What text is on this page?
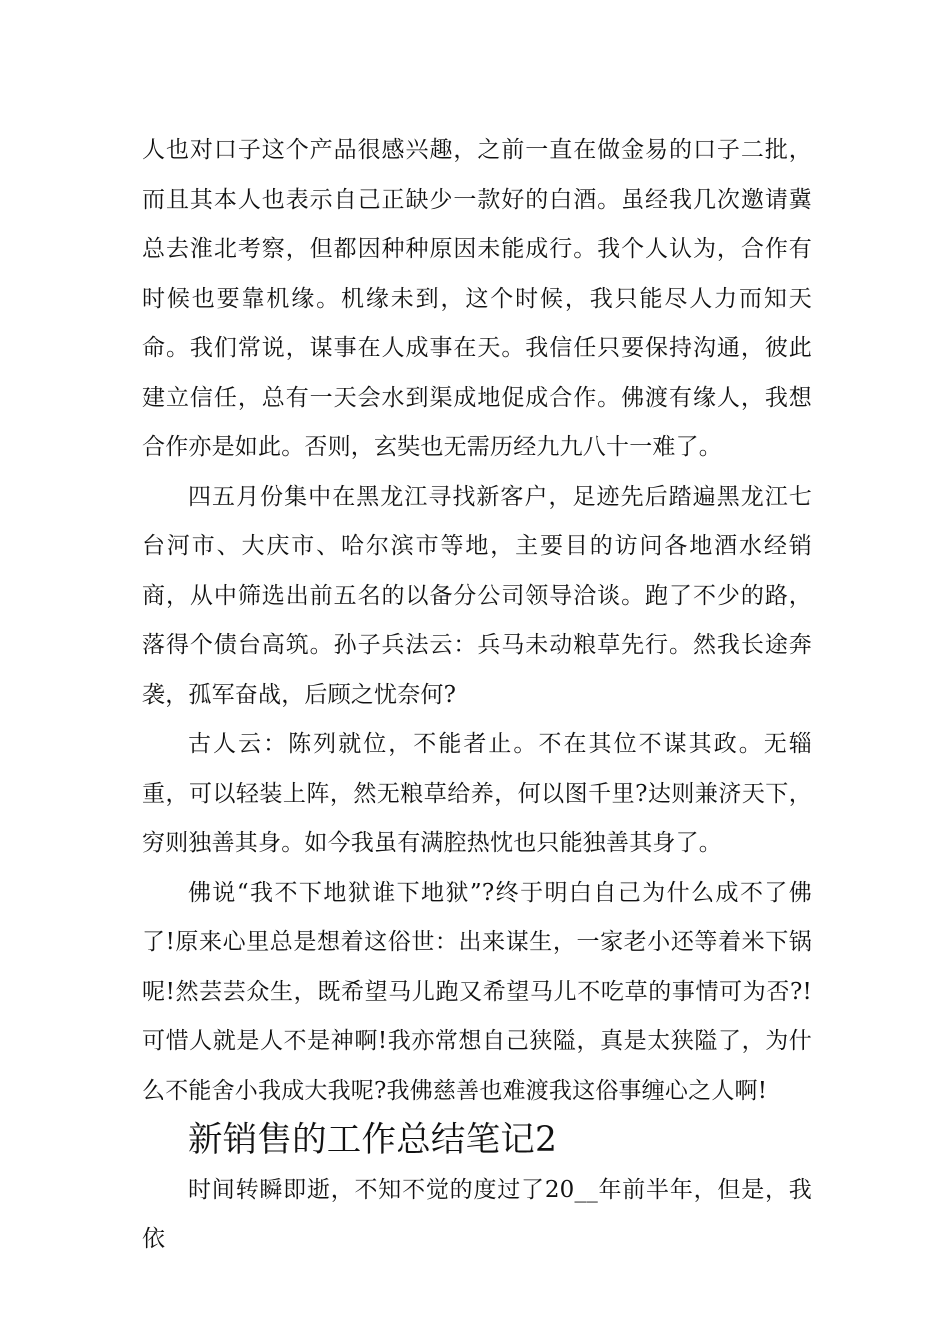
人也对口子这个产品很感兴趣，之前一直在做金易的口子二批，而且其本人也表示自己正缺少一款好的白酒。虽经我几次邀请冀总去淮北考察，但都因种种原因未能成行。我个人认为，合作有时候也要靠机缘。机缘未到，这个时候，我只能尽人力而知天命。我们常说，谋事在人成事在天。我信任只要保持沟通，彼此建立信任，总有一天会水到渠成地促成合作。佛渡有缘人，我想合作亦是如此。否则，玄奘也无需历经九九八十一难了。

四五月份集中在黑龙江寻找新客户，足迹先后踏遍黑龙江七台河市、大庆市、哈尔滨市等地，主要目的访问各地酒水经销商，从中筛选出前五名的以备分公司领导洽谈。跑了不少的路，落得个债台高筑。孙子兵法云：兵马未动粮草先行。然我长途奔袭，孤军奋战，后顾之忧奈何?

古人云：陈列就位，不能者止。不在其位不谋其政。无辎重，可以轻装上阵，然无粮草给养，何以图千里?达则兼济天下，穷则独善其身。如今我虽有满腔热忱也只能独善其身了。

佛说“我不下地狱谁下地狱”?终于明白自己为什么成不了佛了!原来心里总是想着这俗世：出来谋生，一家老小还等着米下锅呢!然芸芸众生，既希望马儿跑又希望马儿不吃草的事情可为否?!可惜人就是人不是神啊!我亦常想自己狭隘，真是太狭隘了，为什么不能舍小我成大我呢?我佛慈善也难渡我这俗事缠心之人啊!

新销售的工作总结笔记2

时间转瞬即逝，不知不觉的度过了20__年前半年，但是，我依
